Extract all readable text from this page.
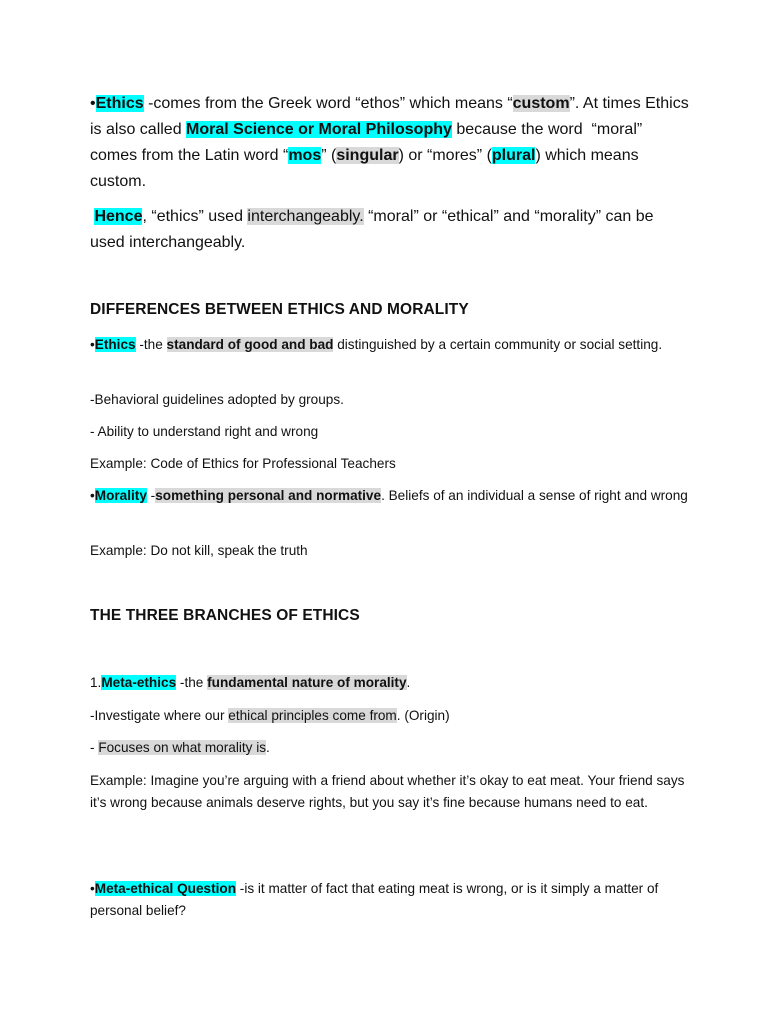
•Ethics -comes from the Greek word “ethos” which means “custom”. At times Ethics is also called Moral Science or Moral Philosophy because the word  “moral” comes from the Latin word “mos” (singular) or “mores” (plural) which means custom.

Hence, “ethics” used interchangeably. “moral” or “ethical” and “morality” can be used interchangeably.

DIFFERENCES BETWEEN ETHICS AND MORALITY

•Ethics -the standard of good and bad distinguished by a certain community or social setting.

-Behavioral guidelines adopted by groups.

- Ability to understand right and wrong

Example: Code of Ethics for Professional Teachers

•Morality -something personal and normative. Beliefs of an individual a sense of right and wrong

Example: Do not kill, speak the truth

THE THREE BRANCHES OF ETHICS

1.Meta-ethics -the fundamental nature of morality.

-Investigate where our ethical principles come from. (Origin)

- Focuses on what morality is.

Example: Imagine you’re arguing with a friend about whether it’s okay to eat meat. Your friend says it’s wrong because animals deserve rights, but you say it’s fine because humans need to eat.

•Meta-ethical Question -is it matter of fact that eating meat is wrong, or is it simply a matter of personal belief?
